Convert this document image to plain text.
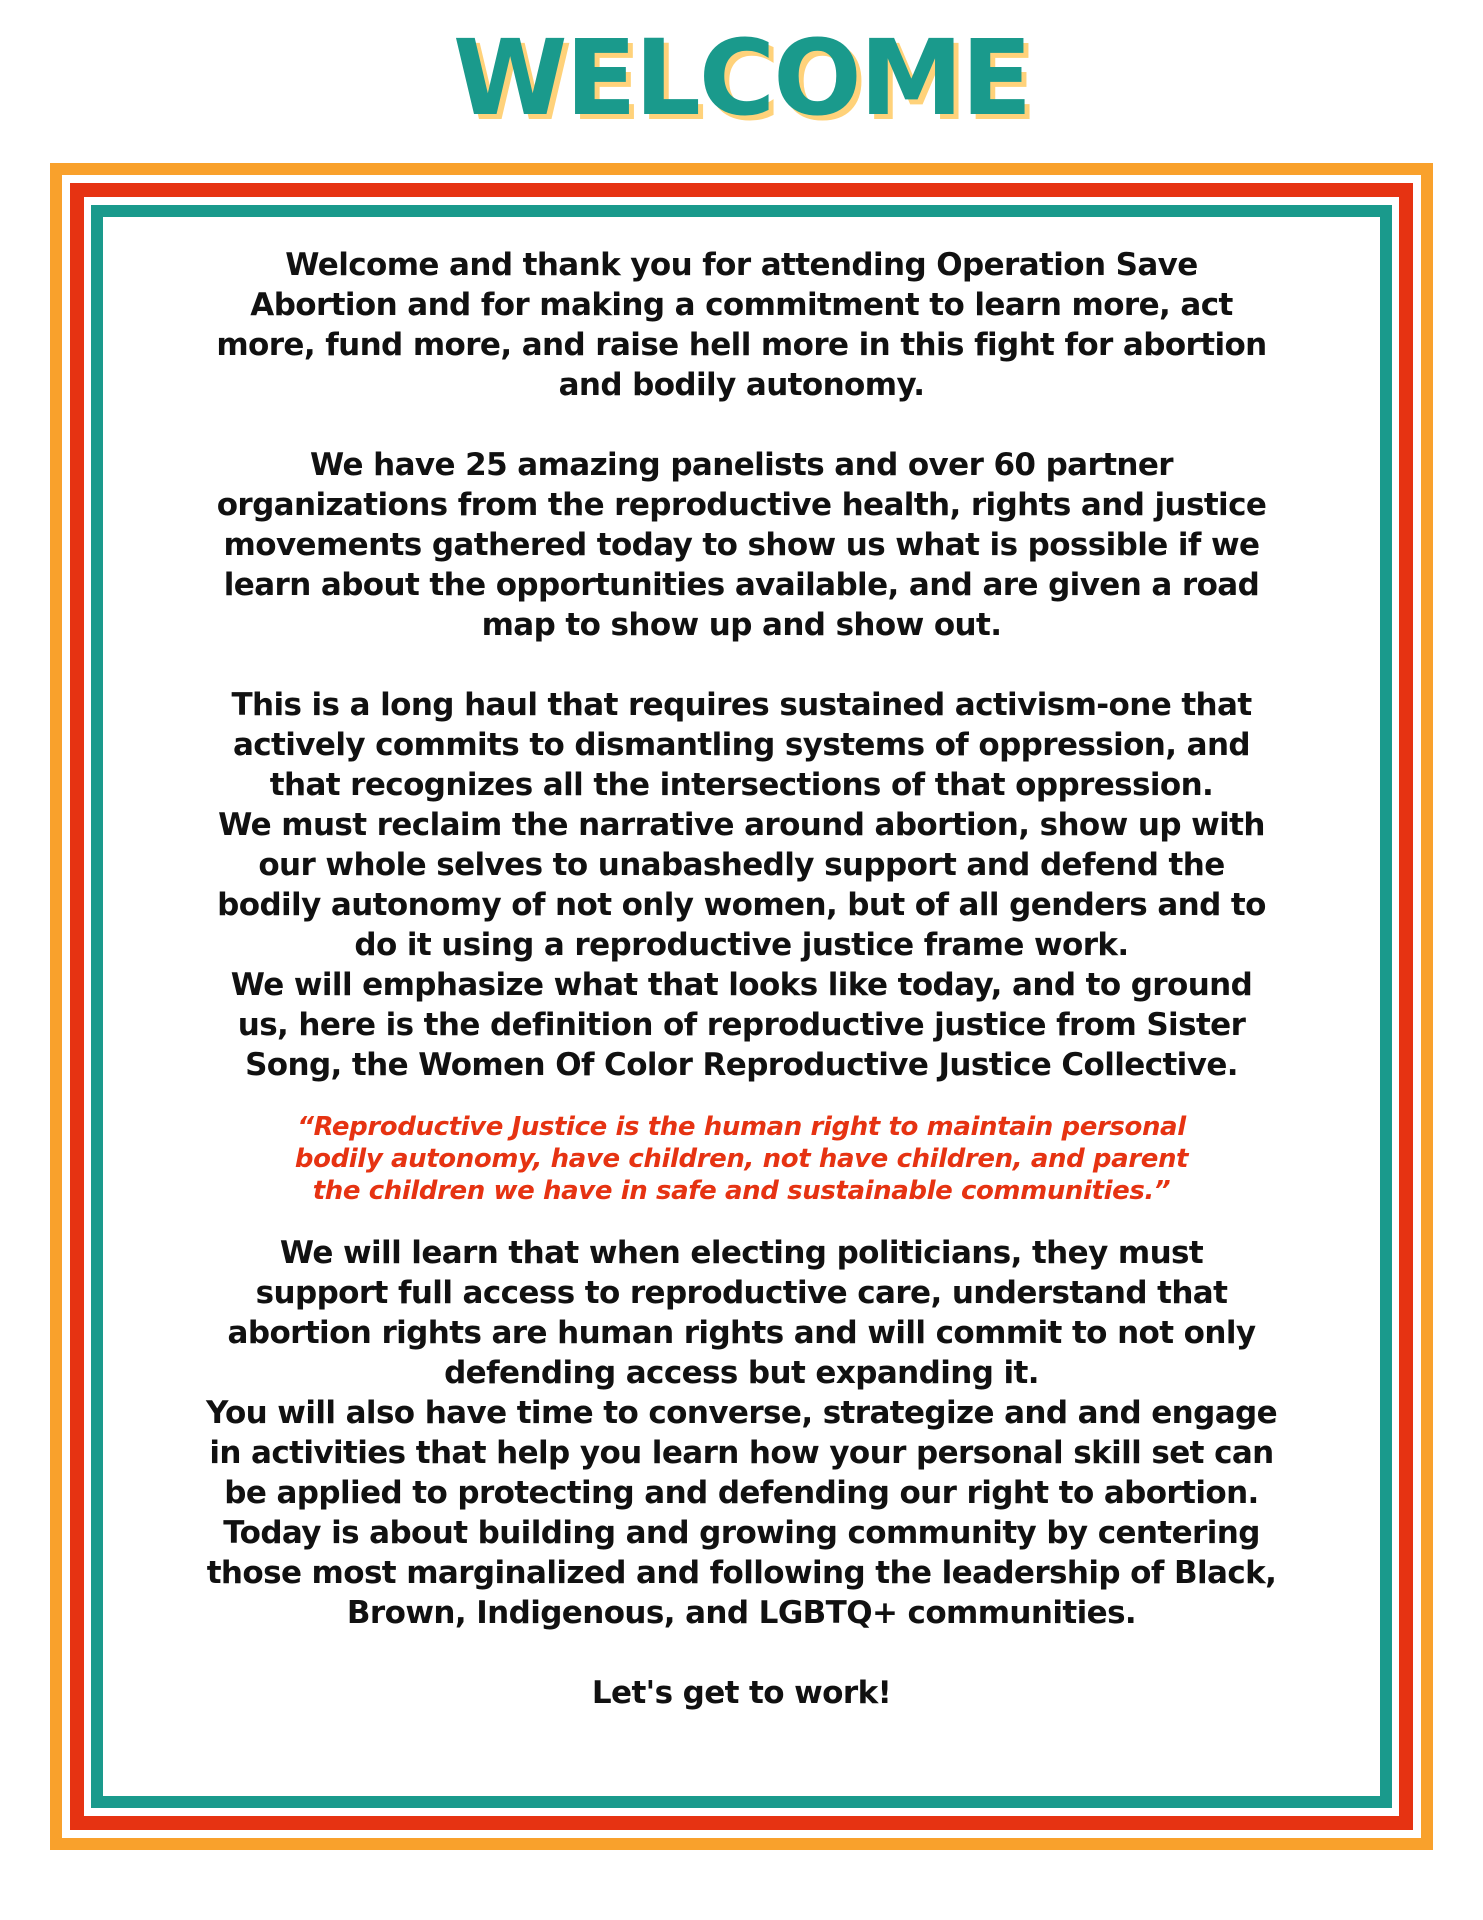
WELCOME

Welcome and thank you for attending Operation Save
Abortion and for making a commitment to learn more, act
more, fund more, and raise hell more in this fight for abortion
and bodily autonomy.

We have 25 amazing panelists and over 60 partner
organizations from the reproductive health, rights and justice
movements gathered today to show us what is possible if we
learn about the opportunities available, and are given a road
map to show up and show out.

This is a long haul that requires sustained activism-one that
actively commits to dismantling systems of oppression, and
that recognizes all the intersections of that oppression.
We must reclaim the narrative around abortion, show up with
our whole selves to unabashedly support and defend the
bodily autonomy of not only women, but of all genders and to
do it using a reproductive justice frame work.
We will emphasize what that looks like today, and to ground
us, here is the definition of reproductive justice from Sister
Song, the Women Of Color Reproductive Justice Collective.

“Reproductive Justice is the human right to maintain personal
bodily autonomy, have children, not have children, and parent
the children we have in safe and sustainable communities.”

We will learn that when electing politicians, they must
support full access to reproductive care, understand that
abortion rights are human rights and will commit to not only
defending access but expanding it.
You will also have time to converse, strategize and and engage
in activities that help you learn how your personal skill set can
be applied to protecting and defending our right to abortion.
Today is about building and growing community by centering
those most marginalized and following the leadership of Black,
Brown, Indigenous, and LGBTQ+ communities.

Let's get to work!
